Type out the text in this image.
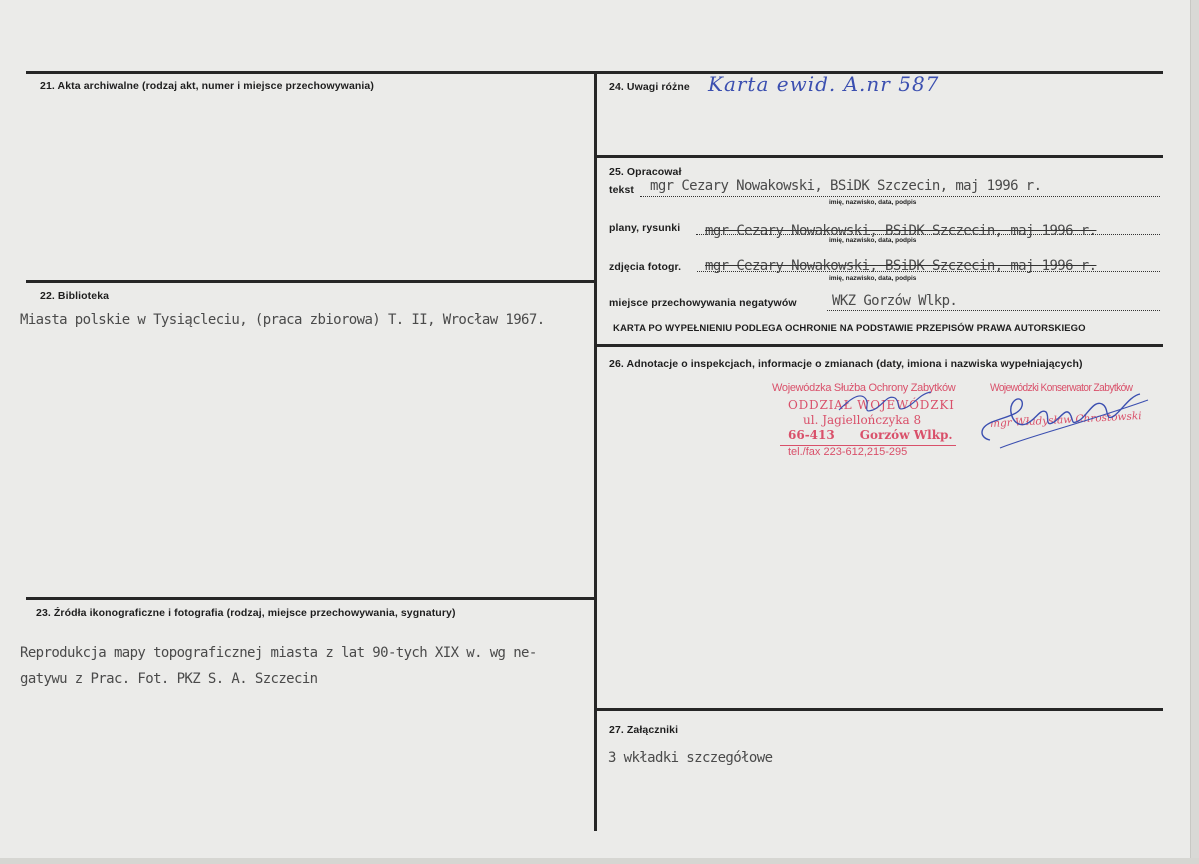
21. Akta archiwalne (rodzaj akt, numer i miejsce przechowywania)
22. Biblioteka
Miasta polskie w Tysiącleciu, (praca zbiorowa) T. II, Wrocław 1967.
23. Źródła ikonograficzne i fotografia (rodzaj, miejsce przechowywania, sygnatury)
Reprodukcja mapy topograficznej miasta z lat 90-tych XIX w. wg ne-
gatywu z Prac. Fot. PKZ S. A. Szczecin
24. Uwagi różne Karta ewid. A.nr 587
25. Opracował
tekst mgr Cezary Nowakowski, BSiDK Szczecin, maj 1996 r.
imię, nazwisko, data, podpis
plany, rysunki mgr Cezary Nowakowski, BSiDK Szczecin, maj 1996 r.
imię, nazwisko, data, podpis
zdjęcia fotogr. mgr Cezary Nowakowski, BSiDK Szczecin, maj 1996 r.
imię, nazwisko, data, podpis
miejsce przechowywania negatywów	WKZ Gorzów Wlkp.
KARTA PO WYPEŁNIENIU PODLEGA OCHRONIE NA PODSTAWIE PRZEPISÓW PRAWA AUTORSKIEGO
26. Adnotacje o inspekcjach, informacje o zmianach (daty, imiona i nazwiska wypełniających)
Wojewódzka Służba Ochrony Zabytków
ODDZIAŁ WOJEWÓDZKI
ul. Jagiellończyka 8
66-413      Gorzów Wlkp.
tel./fax 223-612,215-295
Wojewódzki Konserwator Zabytków
mgr Władysław Chrostowski
27. Załączniki
3 wkładki szczegółowe
